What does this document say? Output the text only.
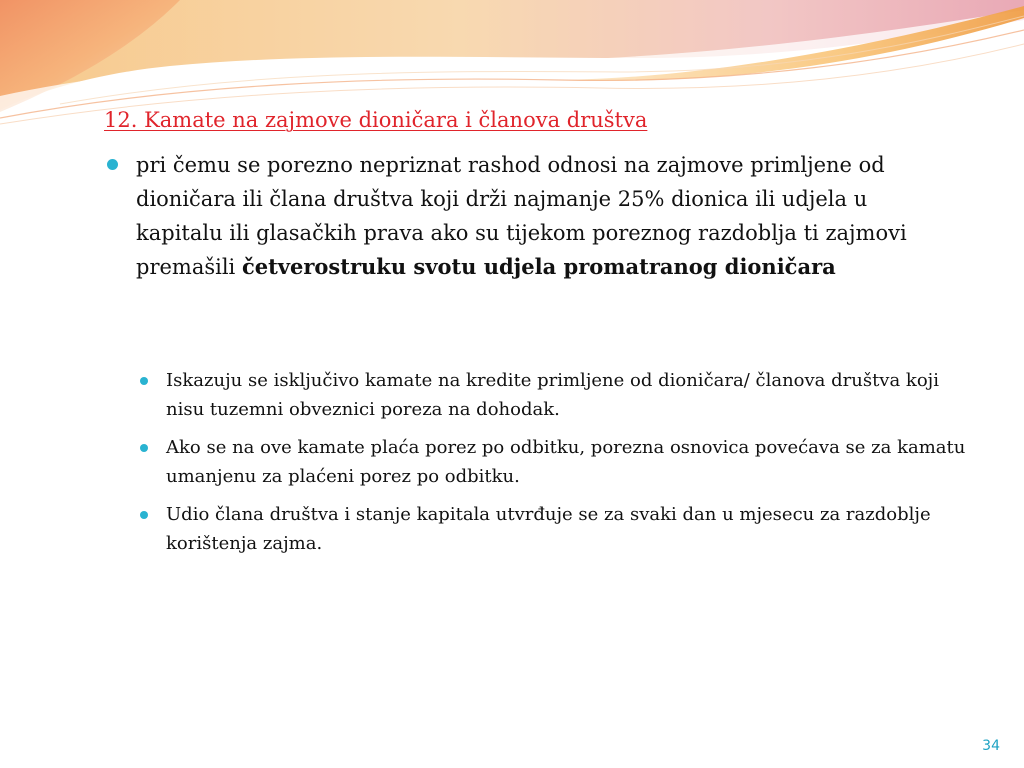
12. Kamate na zajmove dioničara i članova društva
pri čemu se porezno nepriznat rashod odnosi na zajmove primljene od dioničara ili člana društva koji drži najmanje 25% dionica ili udjela u kapitalu ili glasačkih prava ako su tijekom poreznog razdoblja ti zajmovi premašili četverostruku svotu udjela promatranog dioničara
Iskazuju se isključivo kamate na kredite primljene od dioničara/ članova društva koji nisu tuzemni obveznici poreza na dohodak.
Ako se na ove kamate plaća porez po odbitku, porezna osnovica povećava se za kamatu umanjenu za plaćeni porez po odbitku.
Udio člana društva i stanje kapitala utvrđuje se za svaki dan u mjesecu za razdoblje korištenja zajma.
34
